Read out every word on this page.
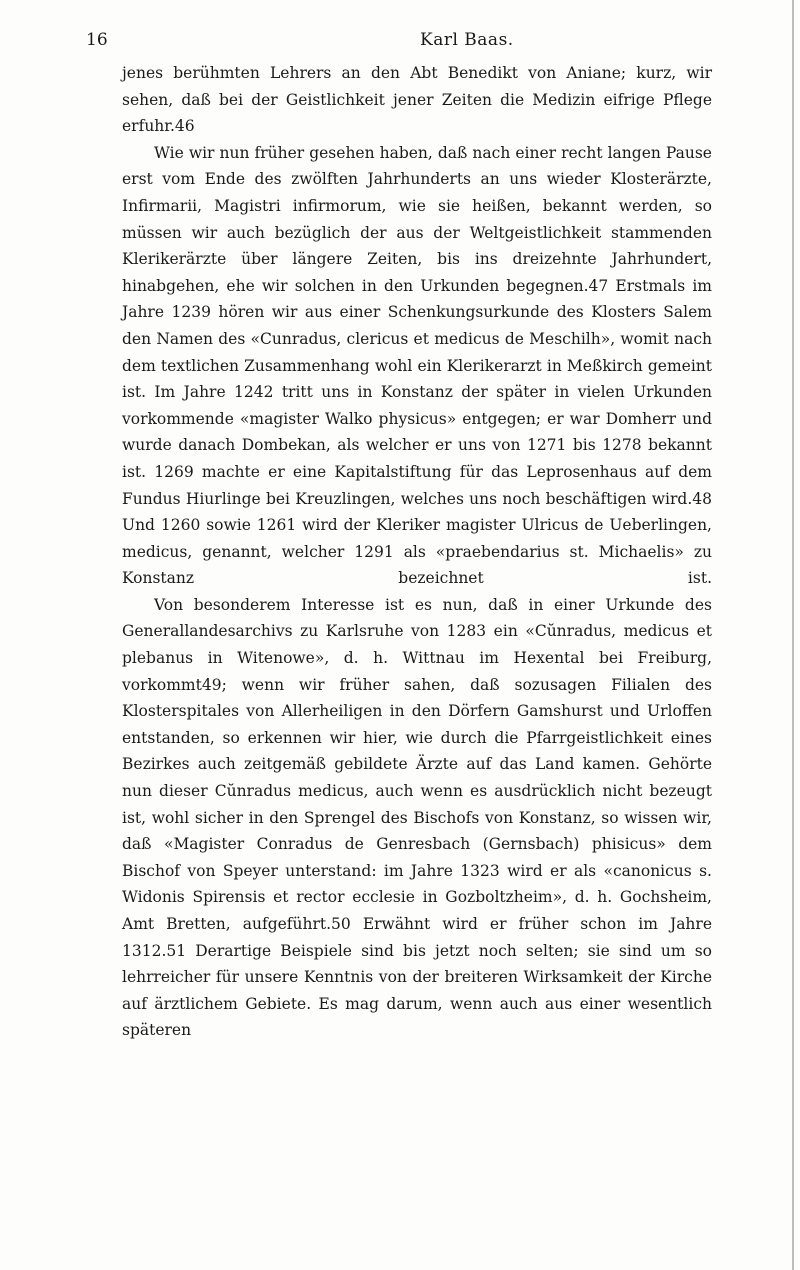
16	Karl Baas.

jenes berühmten Lehrers an den Abt Benedikt von Aniane; kurz, wir sehen, daß bei der Geistlichkeit jener Zeiten die Medizin eifrige Pflege erfuhr.46

Wie wir nun früher gesehen haben, daß nach einer recht langen Pause erst vom Ende des zwölften Jahrhunderts an uns wieder Klosterärzte, Infirmarii, Magistri infirmorum, wie sie heißen, bekannt werden, so müssen wir auch bezüglich der aus der Weltgeistlichkeit stammenden Klerikerärzte über längere Zeiten, bis ins dreizehnte Jahrhundert, hinabgehen, ehe wir solchen in den Urkunden begegnen.47 Erstmals im Jahre 1239 hören wir aus einer Schenkungsurkunde des Klosters Salem den Namen des «Cunradus, clericus et medicus de Meschilh», womit nach dem textlichen Zusammenhang wohl ein Klerikerarzt in Meßkirch gemeint ist. Im Jahre 1242 tritt uns in Konstanz der später in vielen Urkunden vorkommende «magister Walko physicus» entgegen; er war Domherr und wurde danach Dombekan, als welcher er uns von 1271 bis 1278 bekannt ist. 1269 machte er eine Kapitalstiftung für das Leprosenhaus auf dem Fundus Hiurlinge bei Kreuzlingen, welches uns noch beschäftigen wird.48 Und 1260 sowie 1261 wird der Kleriker magister Ulricus de Ueberlingen, medicus, genannt, welcher 1291 als «praebendarius st. Michaelis» zu Konstanz bezeichnet ist.

Von besonderem Interesse ist es nun, daß in einer Urkunde des Generallandesarchivs zu Karlsruhe von 1283 ein «Cŭnradus, medicus et plebanus in Witenowe», d. h. Wittnau im Hexental bei Freiburg, vorkommt49; wenn wir früher sahen, daß sozusagen Filialen des Klosterspitales von Allerheiligen in den Dörfern Gamshurst und Urloffen entstanden, so erkennen wir hier, wie durch die Pfarrgeistlichkeit eines Bezirkes auch zeitgemäß gebildete Ärzte auf das Land kamen. Gehörte nun dieser Cŭnradus medicus, auch wenn es ausdrücklich nicht bezeugt ist, wohl sicher in den Sprengel des Bischofs von Konstanz, so wissen wir, daß «Magister Conradus de Genresbach (Gernsbach) phisicus» dem Bischof von Speyer unterstand: im Jahre 1323 wird er als «canonicus s. Widonis Spirensis et rector ecclesie in Gozboltzheim», d. h. Gochsheim, Amt Bretten, aufgeführt.50 Erwähnt wird er früher schon im Jahre 1312.51 Derartige Beispiele sind bis jetzt noch selten; sie sind um so lehrreicher für unsere Kenntnis von der breiteren Wirksamkeit der Kirche auf ärztlichem Gebiete. Es mag darum, wenn auch aus einer wesentlich späteren
